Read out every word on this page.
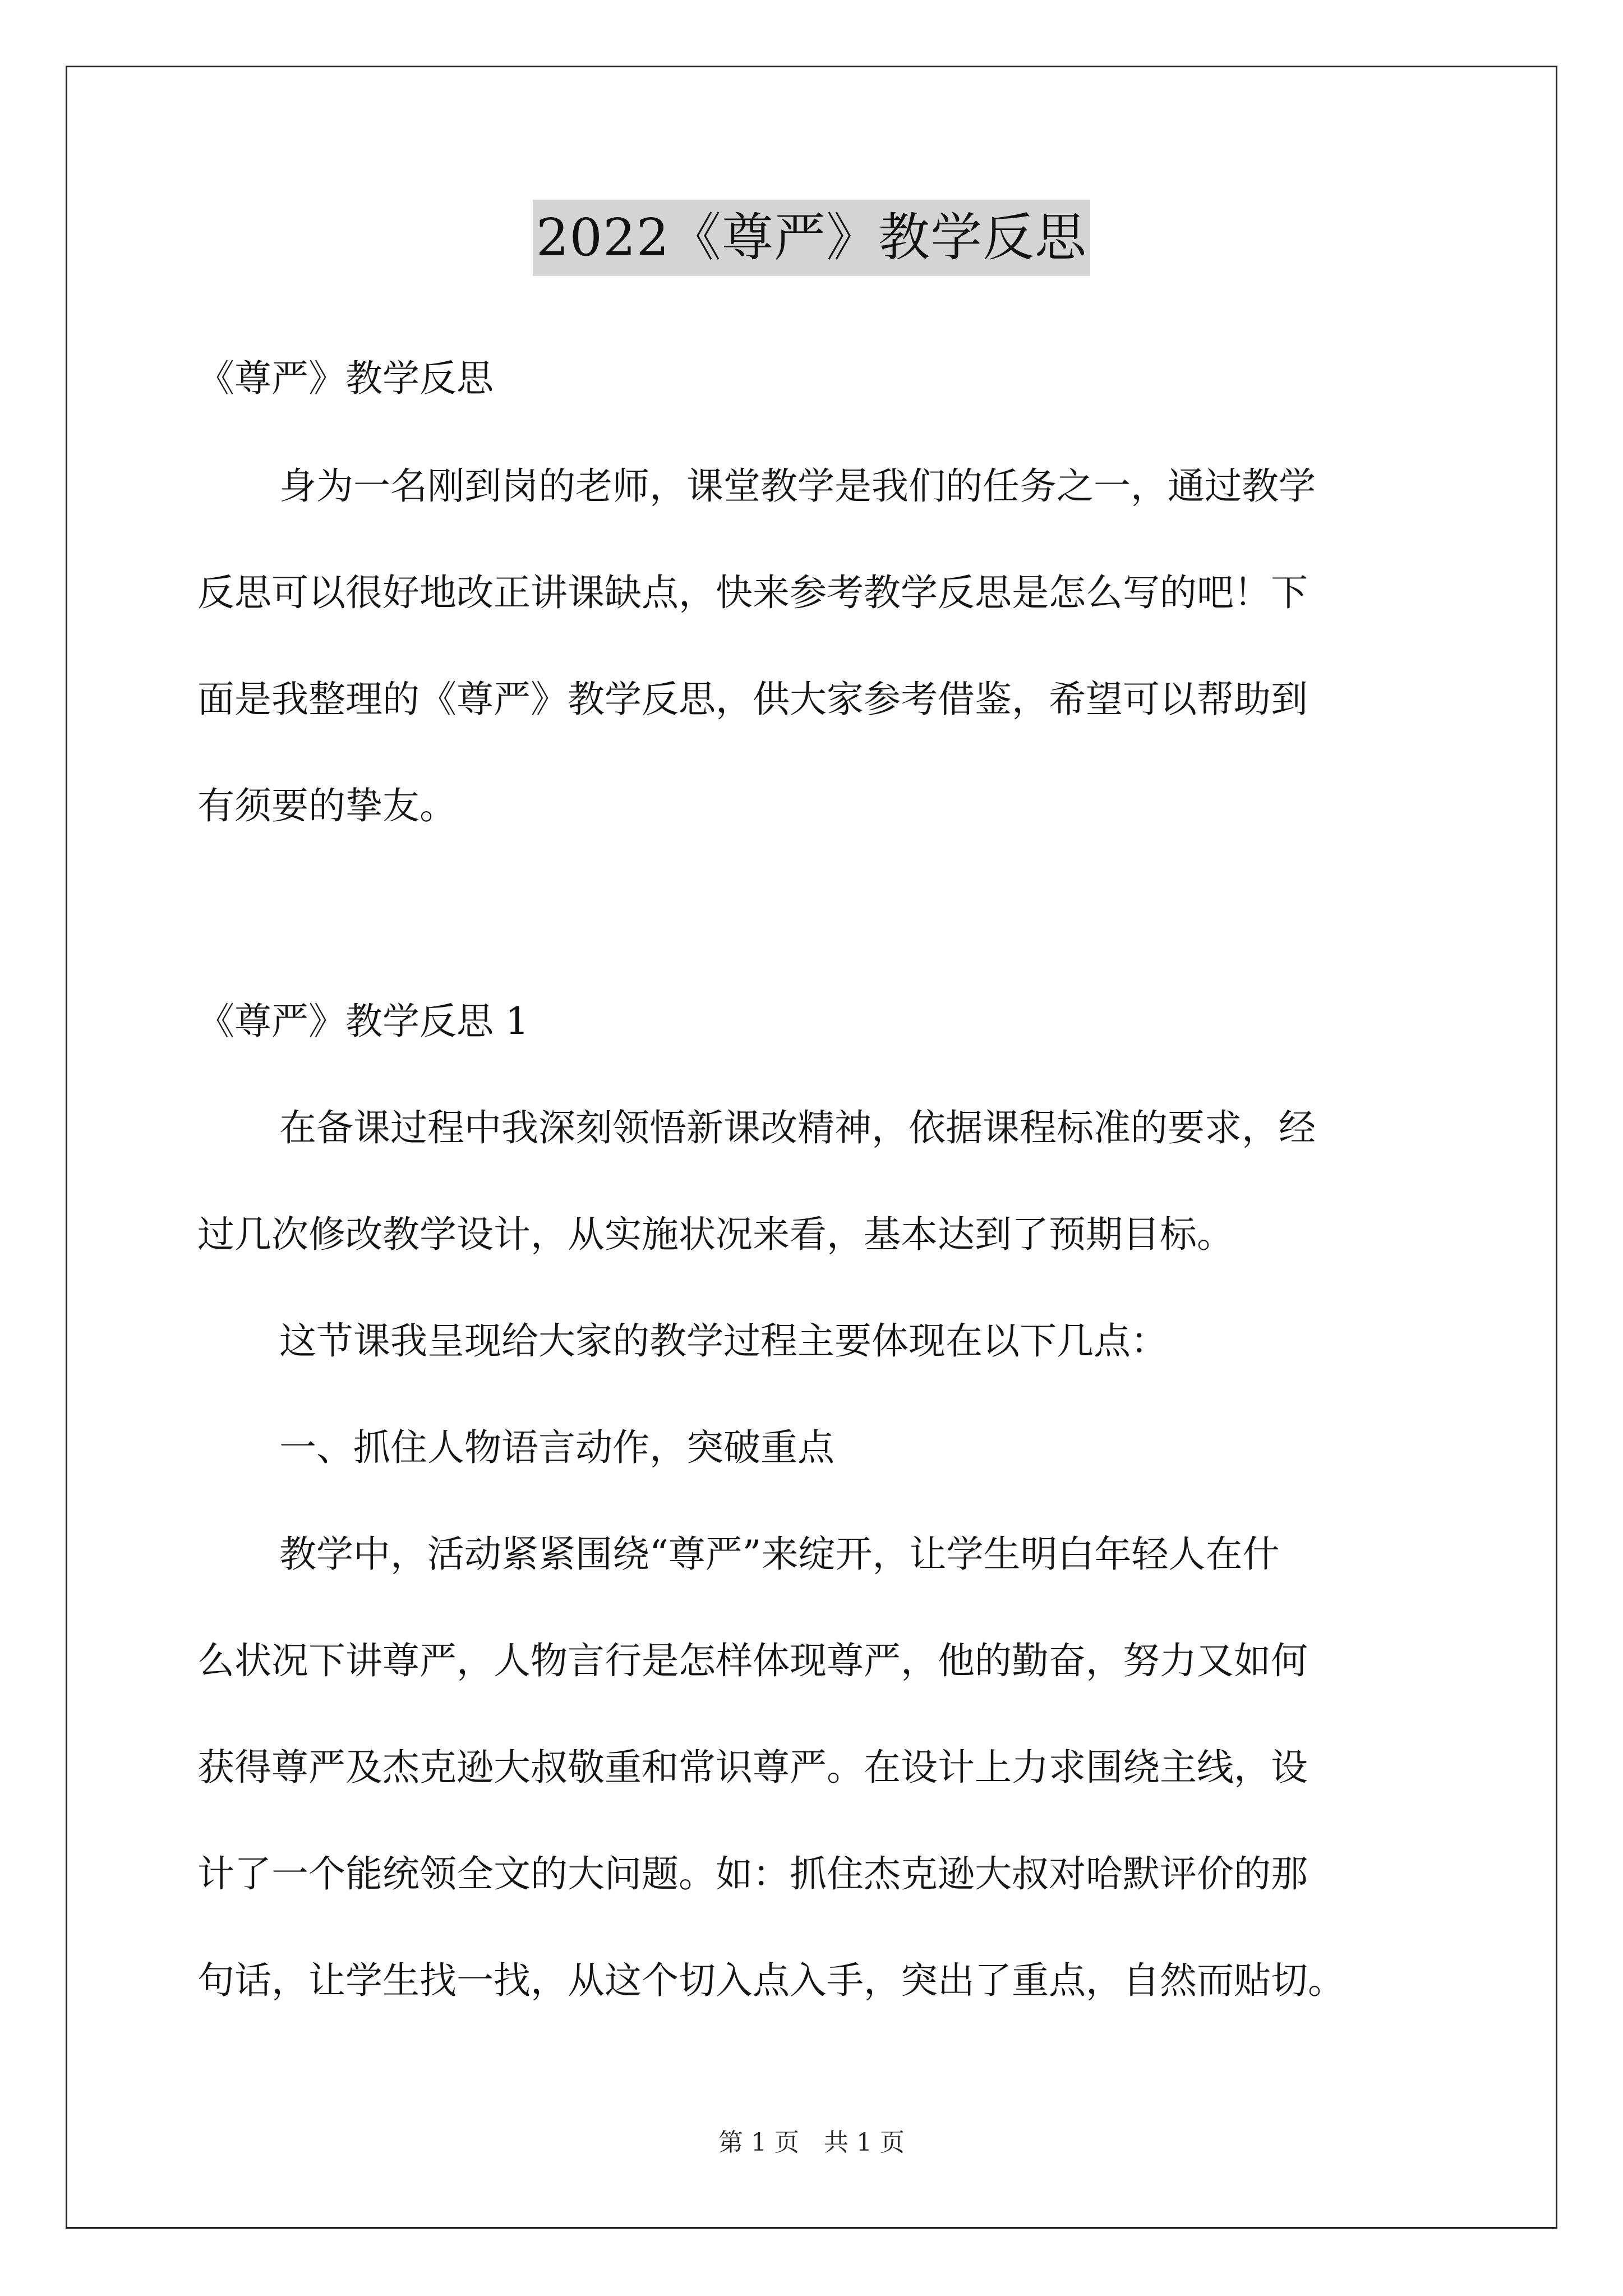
2022《尊严》教学反思
《尊严》教学反思
身为一名刚到岗的老师，课堂教学是我们的任务之一，通过教学
反思可以很好地改正讲课缺点，快来参考教学反思是怎么写的吧！下
面是我整理的《尊严》教学反思，供大家参考借鉴，希望可以帮助到
有须要的挚友。
《尊严》教学反思 1
在备课过程中我深刻领悟新课改精神，依据课程标准的要求，经
过几次修改教学设计，从实施状况来看，基本达到了预期目标。
这节课我呈现给大家的教学过程主要体现在以下几点：
一、抓住人物语言动作，突破重点
教学中，活动紧紧围绕“尊严”来绽开，让学生明白年轻人在什
么状况下讲尊严，人物言行是怎样体现尊严，他的勤奋，努力又如何
获得尊严及杰克逊大叔敬重和常识尊严。在设计上力求围绕主线，设
计了一个能统领全文的大问题。如：抓住杰克逊大叔对哈默评价的那
句话，让学生找一找，从这个切入点入手，突出了重点，自然而贴切。
第 1 页　共 1 页
